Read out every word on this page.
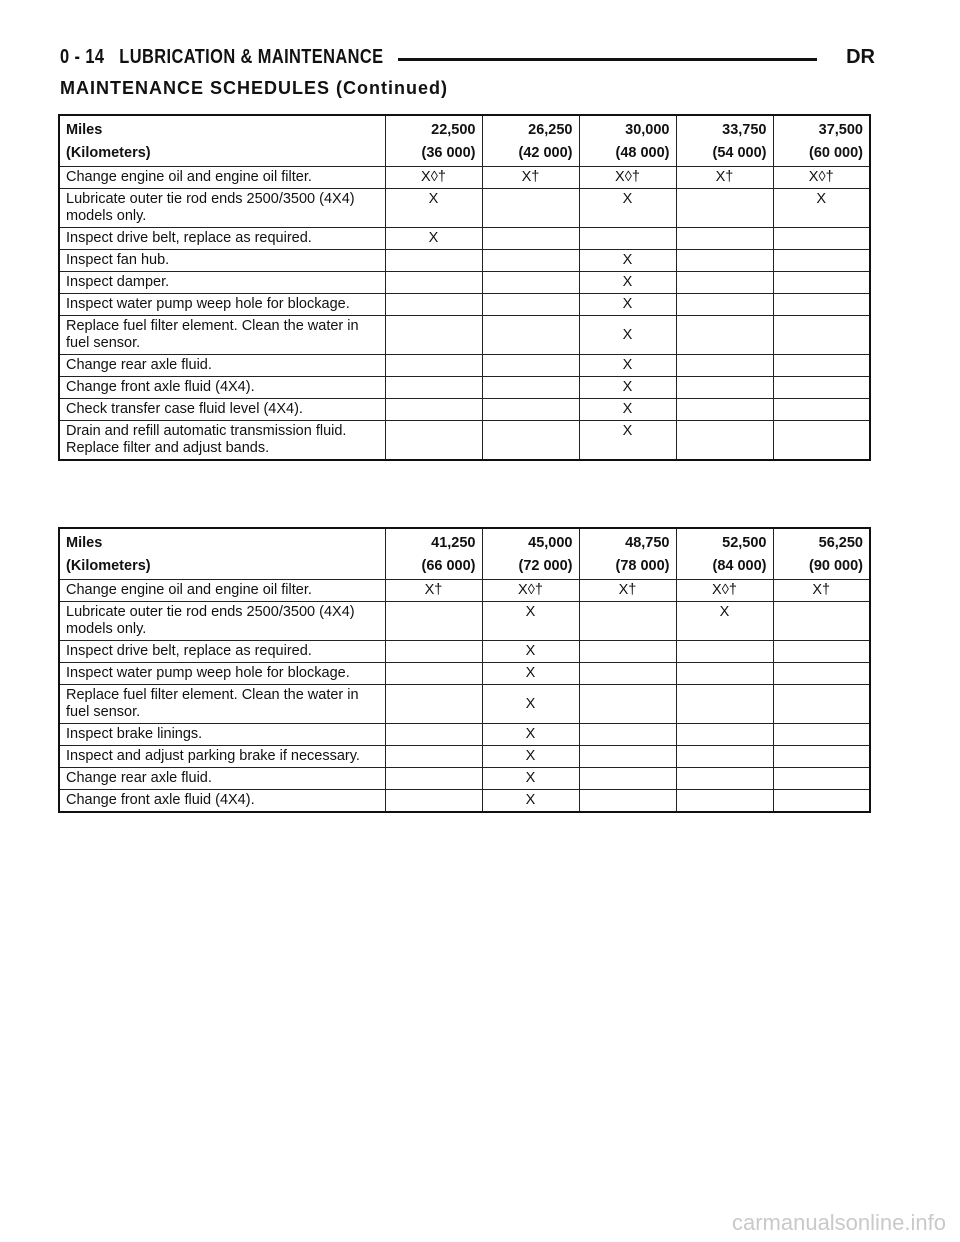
0 - 14 LUBRICATION & MAINTENANCE	DR
MAINTENANCE SCHEDULES (Continued)
Miles	22,500	26,250	30,000	33,750	37,500
(Kilometers)	(36 000)	(42 000)	(48 000)	(54 000)	(60 000)
Change engine oil and engine oil filter.	X◊†	X†	X◊†	X†	X◊†
Lubricate outer tie rod ends 2500/3500 (4X4) models only.	X		X		X
Inspect drive belt, replace as required.	X				
Inspect fan hub.			X		
Inspect damper.			X		
Inspect water pump weep hole for blockage.			X		
Replace fuel filter element. Clean the water in fuel sensor.			X		
Change rear axle fluid.			X		
Change front axle fluid (4X4).			X		
Check transfer case fluid level (4X4).			X		
Drain and refill automatic transmission fluid. Replace filter and adjust bands.			X		
Miles	41,250	45,000	48,750	52,500	56,250
(Kilometers)	(66 000)	(72 000)	(78 000)	(84 000)	(90 000)
Change engine oil and engine oil filter.	X†	X◊†	X†	X◊†	X†
Lubricate outer tie rod ends 2500/3500 (4X4) models only.		X		X	
Inspect drive belt, replace as required.		X			
Inspect water pump weep hole for blockage.		X			
Replace fuel filter element. Clean the water in fuel sensor.		X			
Inspect brake linings.		X			
Inspect and adjust parking brake if necessary.		X			
Change rear axle fluid.		X			
Change front axle fluid (4X4).		X			
carmanualsonline.info
